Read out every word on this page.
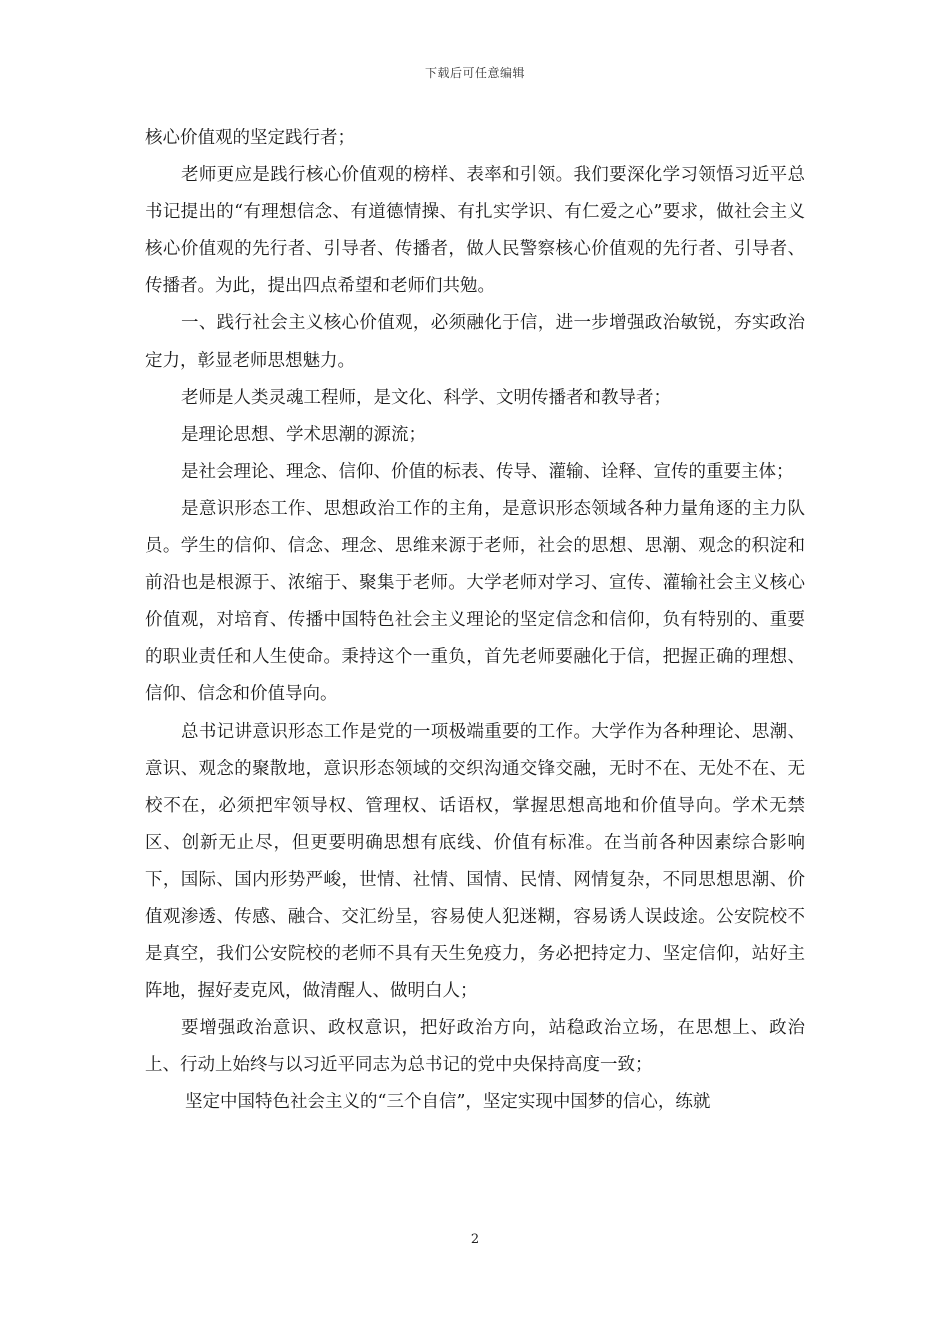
下载后可任意编辑

核心价值观的坚定践行者；

老师更应是践行核心价值观的榜样、表率和引领。我们要深化学习领悟习近平总书记提出的“有理想信念、有道德情操、有扎实学识、有仁爱之心”要求，做社会主义核心价值观的先行者、引导者、传播者，做人民警察核心价值观的先行者、引导者、传播者。为此，提出四点希望和老师们共勉。

一、践行社会主义核心价值观，必须融化于信，进一步增强政治敏锐，夯实政治定力，彰显老师思想魅力。

老师是人类灵魂工程师，是文化、科学、文明传播者和教导者；

是理论思想、学术思潮的源流；

是社会理论、理念、信仰、价值的标表、传导、灌输、诠释、宣传的重要主体；

是意识形态工作、思想政治工作的主角，是意识形态领域各种力量角逐的主力队员。学生的信仰、信念、理念、思维来源于老师，社会的思想、思潮、观念的积淀和前沿也是根源于、浓缩于、聚集于老师。大学老师对学习、宣传、灌输社会主义核心价值观，对培育、传播中国特色社会主义理论的坚定信念和信仰，负有特别的、重要的职业责任和人生使命。秉持这个一重负，首先老师要融化于信，把握正确的理想、信仰、信念和价值导向。

总书记讲意识形态工作是党的一项极端重要的工作。大学作为各种理论、思潮、意识、观念的聚散地，意识形态领域的交织沟通交锋交融，无时不在、无处不在、无校不在，必须把牢领导权、管理权、话语权，掌握思想高地和价值导向。学术无禁区、创新无止尽，但更要明确思想有底线、价值有标准。在当前各种因素综合影响下，国际、国内形势严峻，世情、社情、国情、民情、网情复杂，不同思想思潮、价值观渗透、传感、融合、交汇纷呈，容易使人犯迷糊，容易诱人误歧途。公安院校不是真空，我们公安院校的老师不具有天生免疫力，务必把持定力、坚定信仰，站好主阵地，握好麦克风，做清醒人、做明白人；

要增强政治意识、政权意识，把好政治方向，站稳政治立场，在思想上、政治上、行动上始终与以习近平同志为总书记的党中央保持高度一致；

坚定中国特色社会主义的“三个自信”，坚定实现中国梦的信心，练就

2
